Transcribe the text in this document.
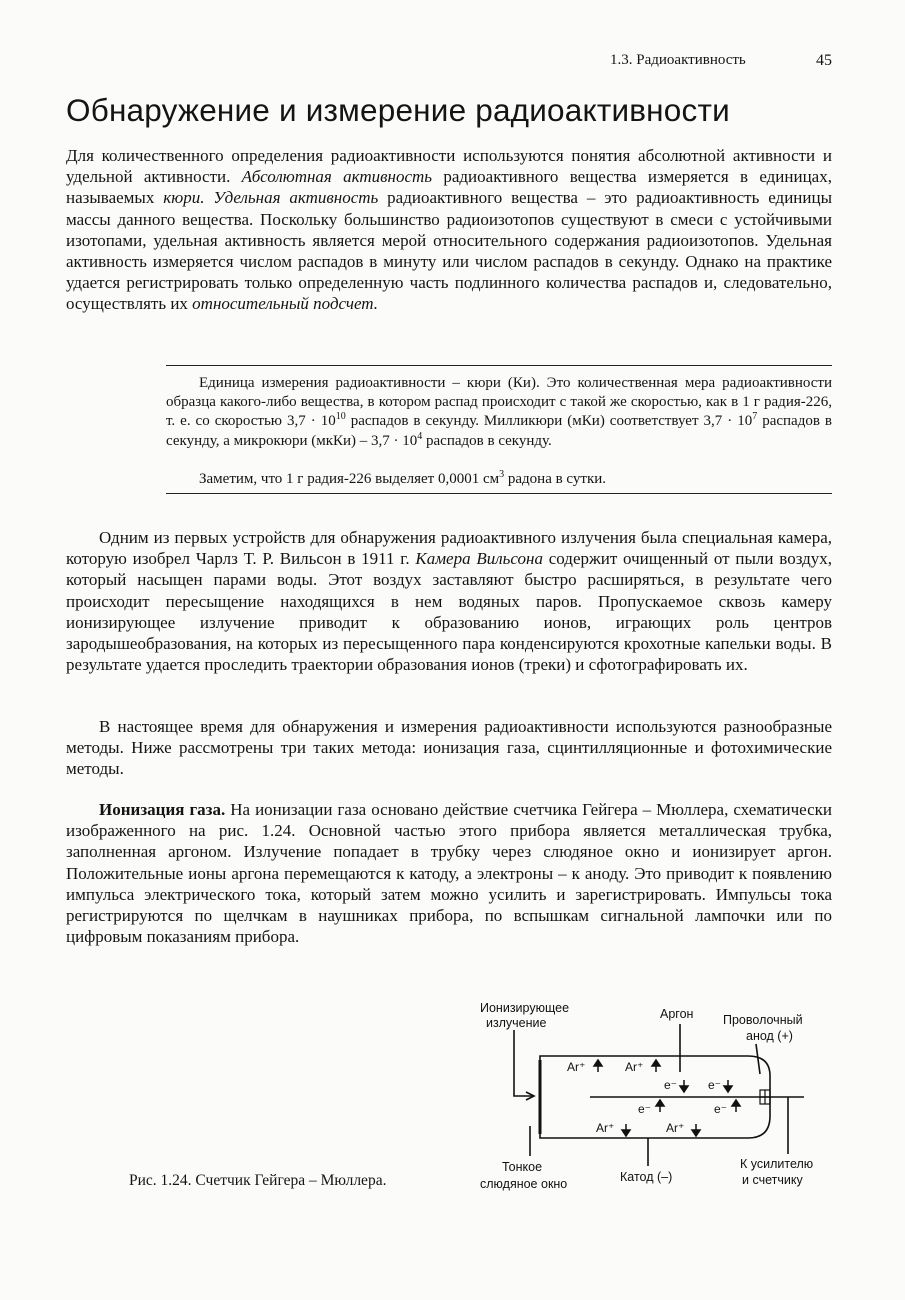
1.3. Радиоактивность	45
Обнаружение и измерение радиоактивности

Для количественного определения радиоактивности используются понятия абсолютной активности и удельной активности. Абсолютная активность радиоактивного вещества измеряется в единицах, называемых кюри. Удельная активность радиоактивного вещества – это радиоактивность единицы массы данного вещества. Поскольку большинство радиоизотопов существуют в смеси с устойчивыми изотопами, удельная активность является мерой относительного содержания радиоизотопов. Удельная активность измеряется числом распадов в минуту или числом распадов в секунду. Однако на практике удается регистрировать только определенную часть подлинного количества распадов и, следовательно, осуществлять их относительный подсчет.

Единица измерения радиоактивности – кюри (Ки). Это количественная мера радиоактивности образца какого-либо вещества, в котором распад происходит с такой же скоростью, как в 1 г радия-226, т. е. со скоростью $3,7 \cdot 10^{10}$ распадов в секунду. Милликюри (мКи) соответствует $3,7 \cdot 10^7$ распадов в секунду, а микрокюри (мкКи) – $3,7 \cdot 10^4$ распадов в секунду.

Заметим, что 1 г радия-226 выделяет 0,0001 $см^3$ радона в сутки.

Одним из первых устройств для обнаружения радиоактивного излучения была специальная камера, которую изобрел Чарлз Т. Р. Вильсон в 1911 г. Камера Вильсона содержит очищенный от пыли воздух, который насыщен парами воды. Этот воздух заставляют быстро расширяться, в результате чего происходит пересыщение находящихся в нем водяных паров. Пропускаемое сквозь камеру ионизирующее излучение приводит к образованию ионов, играющих роль центров зародышеобразования, на которых из пересыщенного пара конденсируются крохотные капельки воды. В результате удается проследить траектории образования ионов (треки) и сфотографировать их.

В настоящее время для обнаружения и измерения радиоактивности используются разнообразные методы. Ниже рассмотрены три таких метода: ионизация газа, сцинтилляционные и фотохимические методы.

Ионизация газа. На ионизации газа основано действие счетчика Гейгера – Мюллера, схематически изображенного на рис. 1.24. Основной частью этого прибора является металлическая трубка, заполненная аргоном. Излучение попадает в трубку через слюдяное окно и ионизирует аргон. Положительные ионы аргона перемещаются к катоду, а электроны – к аноду. Это приводит к появлению импульса электрического тока, который затем можно усилить и зарегистрировать. Импульсы тока регистрируются по щелчкам в наушниках прибора, по вспышкам сигнальной лампочки или по цифровым показаниям прибора.

Рис. 1.24. Счетчик Гейгера – Мюллера.
Ионизирующее
излучение
Аргон Проволочный
анод (+)
Тонкое
слюдяное окно	Катод (–)
К усилителю
и счетчику
Ar⁺	Ar⁺
e⁻	e⁻
e⁻	e⁻
Ar⁺	Ar⁺
